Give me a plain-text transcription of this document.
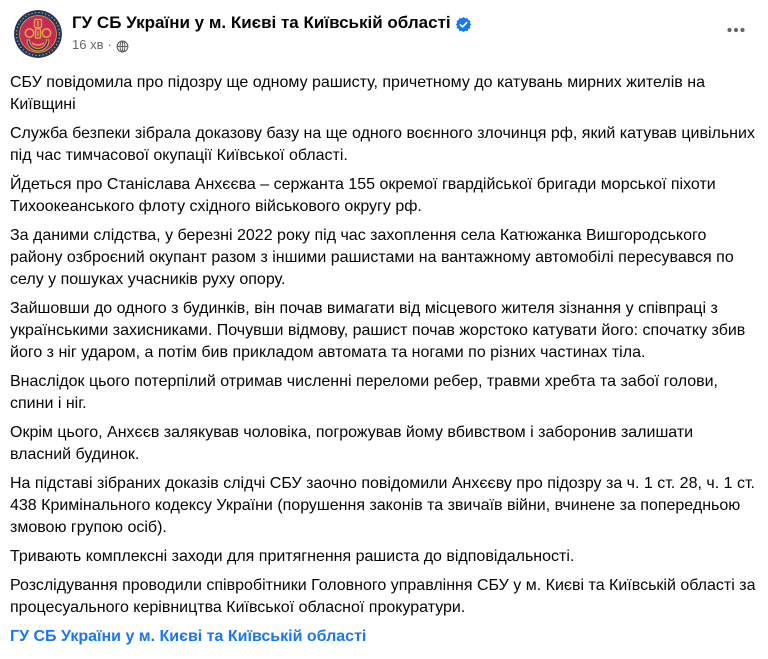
ГУ СБ України у м. Києві та Київській області
16 хв ·

СБУ повідомила про підозру ще одному рашисту, причетному до катувань мирних жителів на Київщині

Служба безпеки зібрала доказову базу на ще одного воєнного злочинця рф, який катував цивільних під час тимчасової окупації Київської області.

Йдеться про Станіслава Анхєєва – сержанта 155 окремої гвардійської бригади морської піхоти Тихоокеанського флоту східного військового округу рф.

За даними слідства, у березні 2022 року під час захоплення села Катюжанка Вишгородського району озброєний окупант разом з іншими рашистами на вантажному автомобілі пересувався по селу у пошуках учасників руху опору.

Зайшовши до одного з будинків, він почав вимагати від місцевого жителя зізнання у співпраці з українськими захисниками. Почувши відмову, рашист почав жорстоко катувати його: спочатку збив його з ніг ударом, а потім бив прикладом автомата та ногами по різних частинах тіла.

Внаслідок цього потерпілий отримав численні переломи ребер, травми хребта та забої голови, спини і ніг.

Окрім цього, Анхєєв залякував чоловіка, погрожував йому вбивством і заборонив залишати власний будинок.

На підставі зібраних доказів слідчі СБУ заочно повідомили Анхєєву про підозру за ч. 1 ст. 28, ч. 1 ст. 438 Кримінального кодексу України (порушення законів та звичаїв війни, вчинене за попередньою змовою групою осіб).

Тривають комплексні заходи для притягнення рашиста до відповідальності.

Розслідування проводили співробітники Головного управління СБУ у м. Києві та Київській області за процесуального керівництва Київської обласної прокуратури.

ГУ СБ України у м. Києві та Київській області
